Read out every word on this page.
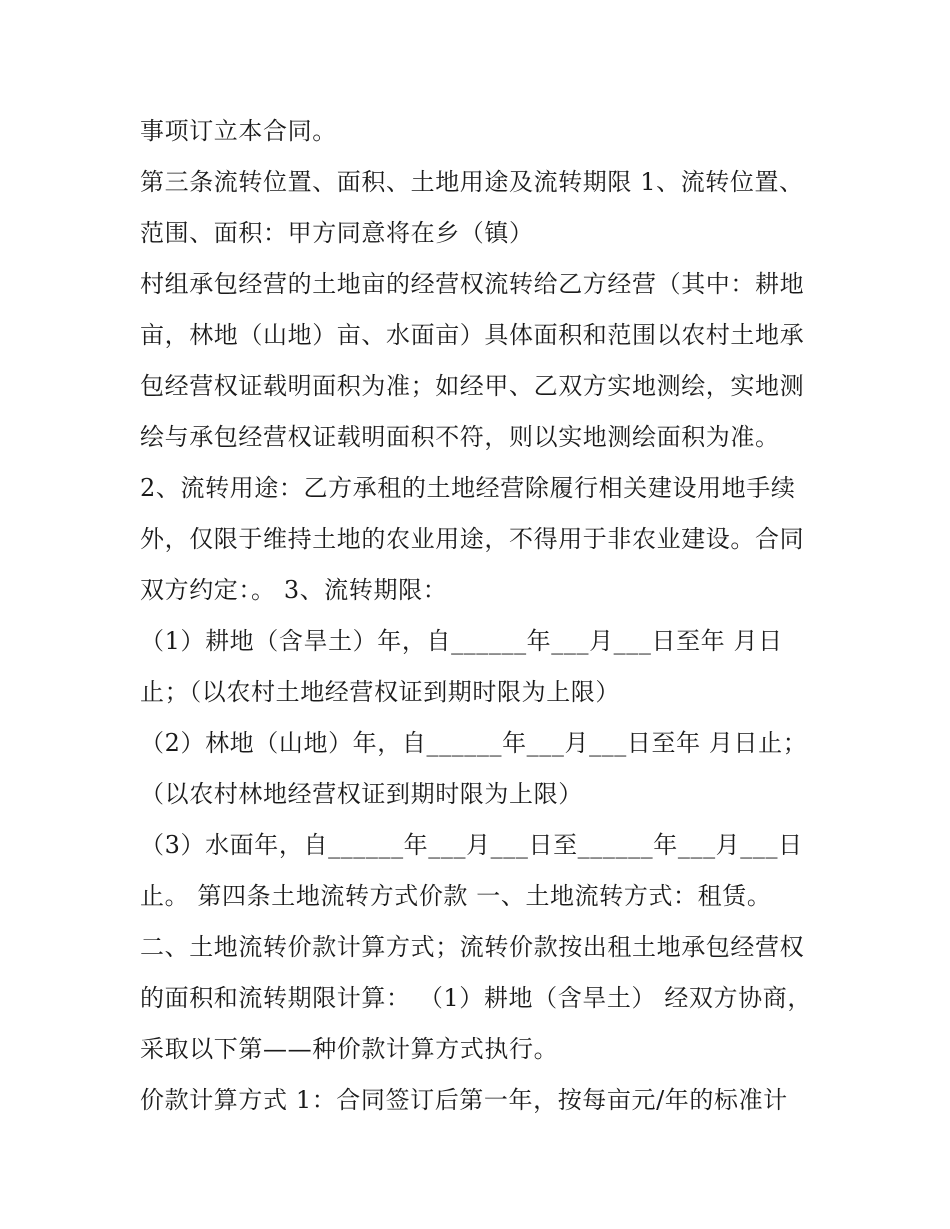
事项订立本合同。
第三条流转位置、面积、土地用途及流转期限 1、流转位置、
范围、面积：甲方同意将在乡（镇）
村组承包经营的土地亩的经营权流转给乙方经营（其中：耕地
亩，林地（山地）亩、水面亩）具体面积和范围以农村土地承
包经营权证载明面积为准；如经甲、乙双方实地测绘，实地测
绘与承包经营权证载明面积不符，则以实地测绘面积为准。
2、流转用途：乙方承租的土地经营除履行相关建设用地手续
外，仅限于维持土地的农业用途，不得用于非农业建设。合同
双方约定：。 3、流转期限：
（1）耕地（含旱土）年，自______年___月___日至年 月日
止；（以农村土地经营权证到期时限为上限）
（2）林地（山地）年，自______年___月___日至年 月日止；
（以农村林地经营权证到期时限为上限）
（3）水面年，自______年___月___日至______年___月___日
止。 第四条土地流转方式价款 一、土地流转方式：租赁。
二、土地流转价款计算方式；流转价款按出租土地承包经营权
的面积和流转期限计算： （1）耕地（含旱土） 经双方协商，
采取以下第——种价款计算方式执行。
价款计算方式 1：合同签订后第一年，按每亩元/年的标准计
